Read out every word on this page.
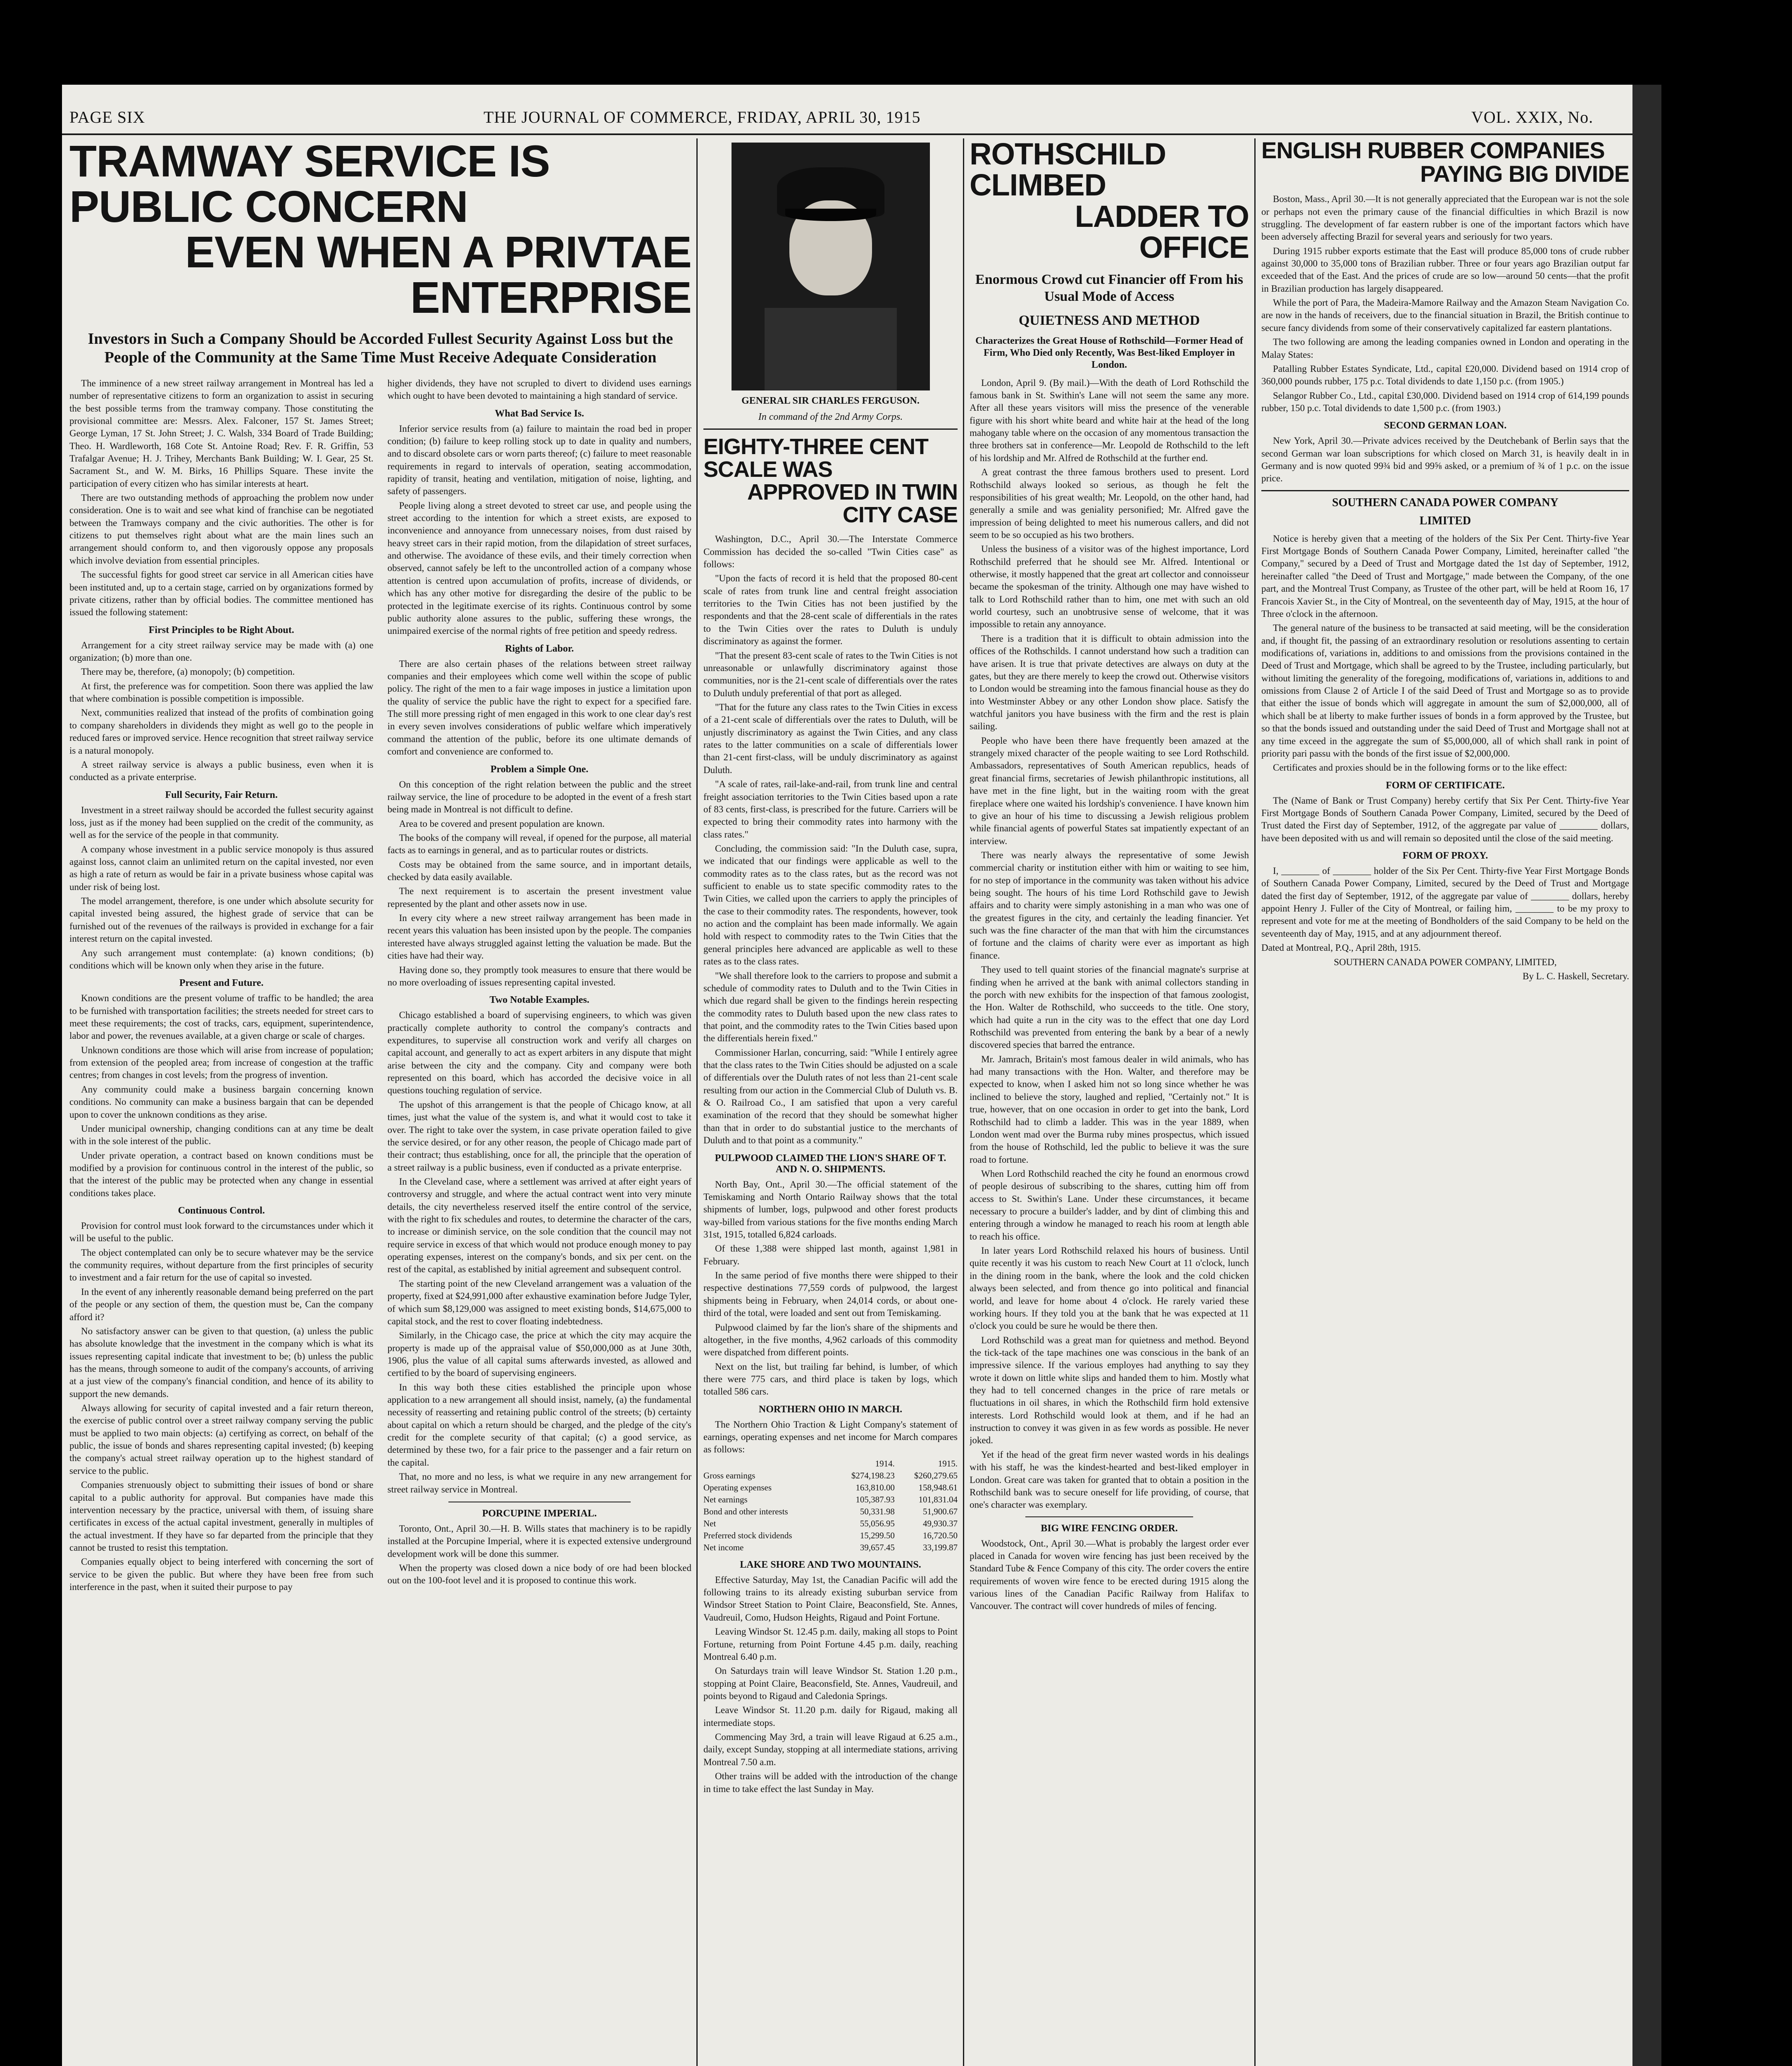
PAGE SIX	THE JOURNAL OF COMMERCE, FRIDAY, APRIL 30, 1915	VOL. XXIX, No.
TRAMWAY SERVICE IS PUBLIC CONCERN
EVEN WHEN A PRIVTAE ENTERPRISE

Investors in Such a Company Should be Accorded Fullest Security Against Loss but the People of the Community at the Same Time Must Receive Adequate Consideration

The imminence of a new street railway arrangement in Montreal has led a number of representative citizens to form an organization to assist in securing the best possible terms from the tramway company. Those constituting the provisional committee are: Messrs. Alex. Falconer, 157 St. James Street; George Lyman, 17 St. John Street; J. C. Walsh, 334 Board of Trade Building; Theo. H. Wardleworth, 168 Cote St. Antoine Road; Rev. F. R. Griffin, 53 Trafalgar Avenue; H. J. Trihey, Merchants Bank Building; W. I. Gear, 25 St. Sacrament St., and W. M. Birks, 16 Phillips Square. These invite the participation of every citizen who has similar interests at heart.

There are two outstanding methods of approaching the problem now under consideration. One is to wait and see what kind of franchise can be negotiated between the Tramways company and the civic authorities. The other is for citizens to put themselves right about what are the main lines such an arrangement should conform to, and then vigorously oppose any proposals which involve deviation from essential principles.

The successful fights for good street car service in all American cities have been instituted and, up to a certain stage, carried on by organizations formed by private citizens, rather than by official bodies. The committee mentioned has issued the following statement:

First Principles to be Right About.

Arrangement for a city street railway service may be made with (a) one organization; (b) more than one.

There may be, therefore, (a) monopoly; (b) competition.

At first, the preference was for competition. Soon there was applied the law that where combination is possible competition is impossible.

Next, communities realized that instead of the profits of combination going to company shareholders in dividends they might as well go to the people in reduced fares or improved service. Hence recognition that street railway service is a natural monopoly.

A street railway service is always a public business, even when it is conducted as a private enterprise.

Full Security, Fair Return.

Investment in a street railway should be accorded the fullest security against loss, just as if the money had been supplied on the credit of the community, as well as for the service of the people in that community.

A company whose investment in a public service monopoly is thus assured against loss, cannot claim an unlimited return on the capital invested, nor even as high a rate of return as would be fair in a private business whose capital was under risk of being lost.

The model arrangement, therefore, is one under which absolute security for capital invested being assured, the highest grade of service that can be furnished out of the revenues of the railways is provided in exchange for a fair interest return on the capital invested.

Any such arrangement must contemplate: (a) known conditions; (b) conditions which will be known only when they arise in the future.

Present and Future.

Known conditions are the present volume of traffic to be handled; the area to be furnished with transportation facilities; the streets needed for street cars to meet these requirements; the cost of tracks, cars, equipment, superintendence, labor and power, the revenues available, at a given charge or scale of charges.

Unknown conditions are those which will arise from increase of population; from extension of the peopled area; from increase of congestion at the traffic centres; from changes in cost levels; from the progress of invention.

Any community could make a business bargain concerning known conditions. No community can make a business bargain that can be depended upon to cover the unknown conditions as they arise.

Under municipal ownership, changing conditions can at any time be dealt with in the sole interest of the public.

Under private operation, a contract based on known conditions must be modified by a provision for continuous control in the interest of the public, so that the interest of the public may be protected when any change in essential conditions takes place.

Continuous Control.

Provision for control must look forward to the circumstances under which it will be useful to the public.

The object contemplated can only be to secure whatever may be the service the community requires, without departure from the first principles of security to investment and a fair return for the use of capital so invested.

In the event of any inherently reasonable demand being preferred on the part of the people or any section of them, the question must be, Can the company afford it?

No satisfactory answer can be given to that question, (a) unless the public has absolute knowledge that the investment in the company which is what its issues representing capital indicate that investment to be; (b) unless the public has the means, through someone to audit of the company's accounts, of arriving at a just view of the company's financial condition, and hence of its ability to support the new demands.

Always allowing for security of capital invested and a fair return thereon, the exercise of public control over a street railway company serving the public must be applied to two main objects: (a) certifying as correct, on behalf of the public, the issue of bonds and shares representing capital invested; (b) keeping the company's actual street railway operation up to the highest standard of service to the public.

Companies strenuously object to submitting their issues of bond or share capital to a public authority for approval. But companies have made this intervention necessary by the practice, universal with them, of issuing share certificates in excess of the actual capital investment, generally in multiples of the actual investment. If they have so far departed from the principle that they cannot be trusted to resist this temptation.

Companies equally object to being interfered with concerning the sort of service to be given the public. But where they have been free from such interference in the past, when it suited their purpose to pay

higher dividends, they have not scrupled to divert to dividend uses earnings which ought to have been devoted to maintaining a high standard of service.

What Bad Service Is.

Inferior service results from (a) failure to maintain the road bed in proper condition; (b) failure to keep rolling stock up to date in quality and numbers, and to discard obsolete cars or worn parts thereof; (c) failure to meet reasonable requirements in regard to intervals of operation, seating accommodation, rapidity of transit, heating and ventilation, mitigation of noise, lighting, and safety of passengers.

People living along a street devoted to street car use, and people using the street according to the intention for which a street exists, are exposed to inconvenience and annoyance from unnecessary noises, from dust raised by heavy street cars in their rapid motion, from the dilapidation of street surfaces, and otherwise. The avoidance of these evils, and their timely correction when observed, cannot safely be left to the uncontrolled action of a company whose attention is centred upon accumulation of profits, increase of dividends, or which has any other motive for disregarding the desire of the public to be protected in the legitimate exercise of its rights. Continuous control by some public authority alone assures to the public, suffering these wrongs, the unimpaired exercise of the normal rights of free petition and speedy redress.

Rights of Labor.

There are also certain phases of the relations between street railway companies and their employees which come well within the scope of public policy. The right of the men to a fair wage imposes in justice a limitation upon the quality of service the public have the right to expect for a specified fare. The still more pressing right of men engaged in this work to one clear day's rest in every seven involves considerations of public welfare which imperatively command the attention of the public, before its one ultimate demands of comfort and convenience are conformed to.

Problem a Simple One.

On this conception of the right relation between the public and the street railway service, the line of procedure to be adopted in the event of a fresh start being made in Montreal is not difficult to define.

Area to be covered and present population are known.

The books of the company will reveal, if opened for the purpose, all material facts as to earnings in general, and as to particular routes or districts.

Costs may be obtained from the same source, and in important details, checked by data easily available.

The next requirement is to ascertain the present investment value represented by the plant and other assets now in use.

In every city where a new street railway arrangement has been made in recent years this valuation has been insisted upon by the people. The companies interested have always struggled against letting the valuation be made. But the cities have had their way.

Having done so, they promptly took measures to ensure that there would be no more overloading of issues representing capital invested.

Two Notable Examples.

Chicago established a board of supervising engineers, to which was given practically complete authority to control the company's contracts and expenditures, to supervise all construction work and verify all charges on capital account, and generally to act as expert arbiters in any dispute that might arise between the city and the company. City and company were both represented on this board, which has accorded the decisive voice in all questions touching regulation of service.

The upshot of this arrangement is that the people of Chicago know, at all times, just what the value of the system is, and what it would cost to take it over. The right to take over the system, in case private operation failed to give the service desired, or for any other reason, the people of Chicago made part of their contract; thus establishing, once for all, the principle that the operation of a street railway is a public business, even if conducted as a private enterprise.

In the Cleveland case, where a settlement was arrived at after eight years of controversy and struggle, and where the actual contract went into very minute details, the city nevertheless reserved itself the entire control of the service, with the right to fix schedules and routes, to determine the character of the cars, to increase or diminish service, on the sole condition that the council may not require service in excess of that which would not produce enough money to pay operating expenses, interest on the company's bonds, and six per cent. on the rest of the capital, as established by initial agreement and subsequent control.

The starting point of the new Cleveland arrangement was a valuation of the property, fixed at $24,991,000 after exhaustive examination before Judge Tyler, of which sum $8,129,000 was assigned to meet existing bonds, $14,675,000 to capital stock, and the rest to cover floating indebtedness.

Similarly, in the Chicago case, the price at which the city may acquire the property is made up of the appraisal value of $50,000,000 as at June 30th, 1906, plus the value of all capital sums afterwards invested, as allowed and certified to by the board of supervising engineers.

In this way both these cities established the principle upon whose application to a new arrangement all should insist, namely, (a) the fundamental necessity of reasserting and retaining public control of the streets; (b) certainty about capital on which a return should be charged, and the pledge of the city's credit for the complete security of that capital; (c) a good service, as determined by these two, for a fair price to the passenger and a fair return on the capital.

That, no more and no less, is what we require in any new arrangement for street railway service in Montreal.

PORCUPINE IMPERIAL.

Toronto, Ont., April 30.—H. B. Wills states that machinery is to be rapidly installed at the Porcupine Imperial, where it is expected extensive underground development work will be done this summer.

When the property was closed down a nice body of ore had been blocked out on the 100-foot level and it is proposed to continue this work.

GENERAL SIR CHARLES FERGUSON.
In command of the 2nd Army Corps.
EIGHTY-THREE CENT SCALE WAS
APPROVED IN TWIN CITY CASE

Washington, D.C., April 30.—The Interstate Commerce Commission has decided the so-called "Twin Cities case" as follows:

"Upon the facts of record it is held that the proposed 80-cent scale of rates from trunk line and central freight association territories to the Twin Cities has not been justified by the respondents and that the 28-cent scale of differentials in the rates to the Twin Cities over the rates to Duluth is unduly discriminatory as against the former.

"That the present 83-cent scale of rates to the Twin Cities is not unreasonable or unlawfully discriminatory against those communities, nor is the 21-cent scale of differentials over the rates to Duluth unduly preferential of that port as alleged.

"That for the future any class rates to the Twin Cities in excess of a 21-cent scale of differentials over the rates to Duluth, will be unjustly discriminatory as against the Twin Cities, and any class rates to the latter communities on a scale of differentials lower than 21-cent first-class, will be unduly discriminatory as against Duluth.

"A scale of rates, rail-lake-and-rail, from trunk line and central freight association territories to the Twin Cities based upon a rate of 83 cents, first-class, is prescribed for the future. Carriers will be expected to bring their commodity rates into harmony with the class rates."

Concluding, the commission said: "In the Duluth case, supra, we indicated that our findings were applicable as well to the commodity rates as to the class rates, but as the record was not sufficient to enable us to state specific commodity rates to the Twin Cities, we called upon the carriers to apply the principles of the case to their commodity rates. The respondents, however, took no action and the complaint has been made informally. We again hold with respect to commodity rates to the Twin Cities that the general principles here advanced are applicable as well to these rates as to the class rates.

"We shall therefore look to the carriers to propose and submit a schedule of commodity rates to Duluth and to the Twin Cities in which due regard shall be given to the findings herein respecting the commodity rates to Duluth based upon the new class rates to that point, and the commodity rates to the Twin Cities based upon the differentials herein fixed."

Commissioner Harlan, concurring, said: "While I entirely agree that the class rates to the Twin Cities should be adjusted on a scale of differentials over the Duluth rates of not less than 21-cent scale resulting from our action in the Commercial Club of Duluth vs. B. & O. Railroad Co., I am satisfied that upon a very careful examination of the record that they should be somewhat higher than that in order to do substantial justice to the merchants of Duluth and to that point as a community."

PULPWOOD CLAIMED THE LION'S SHARE OF T. AND N. O. SHIPMENTS.

North Bay, Ont., April 30.—The official statement of the Temiskaming and North Ontario Railway shows that the total shipments of lumber, logs, pulpwood and other forest products way-billed from various stations for the five months ending March 31st, 1915, totalled 6,824 carloads.

Of these 1,388 were shipped last month, against 1,981 in February.

In the same period of five months there were shipped to their respective destinations 77,559 cords of pulpwood, the largest shipments being in February, when 24,014 cords, or about one-third of the total, were loaded and sent out from Temiskaming.

Pulpwood claimed by far the lion's share of the shipments and altogether, in the five months, 4,962 carloads of this commodity were dispatched from different points.

Next on the list, but trailing far behind, is lumber, of which there were 775 cars, and third place is taken by logs, which totalled 586 cars.

NORTHERN OHIO IN MARCH.

The Northern Ohio Traction & Light Company's statement of earnings, operating expenses and net income for March compares as follows:

	1914.	1915.
Gross earnings	$274,198.23	$260,279.65
Operating expenses	163,810.00	158,948.61
Net earnings	105,387.93	101,831.04
Bond and other interests	50,331.98	51,900.67
Net	55,056.95	49,930.37
Preferred stock dividends	15,299.50	16,720.50
Net income	39,657.45	33,199.87
LAKE SHORE AND TWO MOUNTAINS.

Effective Saturday, May 1st, the Canadian Pacific will add the following trains to its already existing suburban service from Windsor Street Station to Point Claire, Beaconsfield, Ste. Annes, Vaudreuil, Como, Hudson Heights, Rigaud and Point Fortune.

Leaving Windsor St. 12.45 p.m. daily, making all stops to Point Fortune, returning from Point Fortune 4.45 p.m. daily, reaching Montreal 6.40 p.m.

On Saturdays train will leave Windsor St. Station 1.20 p.m., stopping at Point Claire, Beaconsfield, Ste. Annes, Vaudreuil, and points beyond to Rigaud and Caledonia Springs.

Leave Windsor St. 11.20 p.m. daily for Rigaud, making all intermediate stops.

Commencing May 3rd, a train will leave Rigaud at 6.25 a.m., daily, except Sunday, stopping at all intermediate stations, arriving Montreal 7.50 a.m.

Other trains will be added with the introduction of the change in time to take effect the last Sunday in May.

ROTHSCHILD CLIMBED
LADDER TO OFFICE

Enormous Crowd cut Financier off From his Usual Mode of Access

QUIETNESS AND METHOD

Characterizes the Great House of Rothschild—Former Head of Firm, Who Died only Recently, Was Best-liked Employer in London.

London, April 9. (By mail.)—With the death of Lord Rothschild the famous bank in St. Swithin's Lane will not seem the same any more. After all these years visitors will miss the presence of the venerable figure with his short white beard and white hair at the head of the long mahogany table where on the occasion of any momentous transaction the three brothers sat in conference—Mr. Leopold de Rothschild to the left of his lordship and Mr. Alfred de Rothschild at the further end.

A great contrast the three famous brothers used to present. Lord Rothschild always looked so serious, as though he felt the responsibilities of his great wealth; Mr. Leopold, on the other hand, had generally a smile and was geniality personified; Mr. Alfred gave the impression of being delighted to meet his numerous callers, and did not seem to be so occupied as his two brothers.

Unless the business of a visitor was of the highest importance, Lord Rothschild preferred that he should see Mr. Alfred. Intentional or otherwise, it mostly happened that the great art collector and connoisseur became the spokesman of the trinity. Although one may have wished to talk to Lord Rothschild rather than to him, one met with such an old world courtesy, such an unobtrusive sense of welcome, that it was impossible to retain any annoyance.

There is a tradition that it is difficult to obtain admission into the offices of the Rothschilds. I cannot understand how such a tradition can have arisen. It is true that private detectives are always on duty at the gates, but they are there merely to keep the crowd out. Otherwise visitors to London would be streaming into the famous financial house as they do into Westminster Abbey or any other London show place. Satisfy the watchful janitors you have business with the firm and the rest is plain sailing.

People who have been there have frequently been amazed at the strangely mixed character of the people waiting to see Lord Rothschild. Ambassadors, representatives of South American republics, heads of great financial firms, secretaries of Jewish philanthropic institutions, all have met in the fine light, but in the waiting room with the great fireplace where one waited his lordship's convenience. I have known him to give an hour of his time to discussing a Jewish religious problem while financial agents of powerful States sat impatiently expectant of an interview.

There was nearly always the representative of some Jewish commercial charity or institution either with him or waiting to see him, for no step of importance in the community was taken without his advice being sought. The hours of his time Lord Rothschild gave to Jewish affairs and to charity were simply astonishing in a man who was one of the greatest figures in the city, and certainly the leading financier. Yet such was the fine character of the man that with him the circumstances of fortune and the claims of charity were ever as important as high finance.

They used to tell quaint stories of the financial magnate's surprise at finding when he arrived at the bank with animal collectors standing in the porch with new exhibits for the inspection of that famous zoologist, the Hon. Walter de Rothschild, who succeeds to the title. One story, which had quite a run in the city was to the effect that one day Lord Rothschild was prevented from entering the bank by a bear of a newly discovered species that barred the entrance.

Mr. Jamrach, Britain's most famous dealer in wild animals, who has had many transactions with the Hon. Walter, and therefore may be expected to know, when I asked him not so long since whether he was inclined to believe the story, laughed and replied, "Certainly not." It is true, however, that on one occasion in order to get into the bank, Lord Rothschild had to climb a ladder. This was in the year 1889, when London went mad over the Burma ruby mines prospectus, which issued from the house of Rothschild, led the public to believe it was the sure road to fortune.

When Lord Rothschild reached the city he found an enormous crowd of people desirous of subscribing to the shares, cutting him off from access to St. Swithin's Lane. Under these circumstances, it became necessary to procure a builder's ladder, and by dint of climbing this and entering through a window he managed to reach his room at length able to reach his office.

In later years Lord Rothschild relaxed his hours of business. Until quite recently it was his custom to reach New Court at 11 o'clock, lunch in the dining room in the bank, where the look and the cold chicken always been selected, and from thence go into political and financial world, and leave for home about 4 o'clock. He rarely varied these working hours. If they told you at the bank that he was expected at 11 o'clock you could be sure he would be there then.

Lord Rothschild was a great man for quietness and method. Beyond the tick-tack of the tape machines one was conscious in the bank of an impressive silence. If the various employes had anything to say they wrote it down on little white slips and handed them to him. Mostly what they had to tell concerned changes in the price of rare metals or fluctuations in oil shares, in which the Rothschild firm hold extensive interests. Lord Rothschild would look at them, and if he had an instruction to convey it was given in as few words as possible. He never joked.

Yet if the head of the great firm never wasted words in his dealings with his staff, he was the kindest-hearted and best-liked employer in London. Great care was taken for granted that to obtain a position in the Rothschild bank was to secure oneself for life providing, of course, that one's character was exemplary.

BIG WIRE FENCING ORDER.

Woodstock, Ont., April 30.—What is probably the largest order ever placed in Canada for woven wire fencing has just been received by the Standard Tube & Fence Company of this city. The order covers the entire requirements of woven wire fence to be erected during 1915 along the various lines of the Canadian Pacific Railway from Halifax to Vancouver. The contract will cover hundreds of miles of fencing.

ENGLISH RUBBER COMPANIES
PAYING BIG DIVIDE

Boston, Mass., April 30.—It is not generally appreciated that the European war is not the sole or perhaps not even the primary cause of the financial difficulties in which Brazil is now struggling. The development of far eastern rubber is one of the important factors which have been adversely affecting Brazil for several years and seriously for two years.

During 1915 rubber exports estimate that the East will produce 85,000 tons of crude rubber against 30,000 to 35,000 tons of Brazilian rubber. Three or four years ago Brazilian output far exceeded that of the East. And the prices of crude are so low—around 50 cents—that the profit in Brazilian production has largely disappeared.

While the port of Para, the Madeira-Mamore Railway and the Amazon Steam Navigation Co. are now in the hands of receivers, due to the financial situation in Brazil, the British continue to secure fancy dividends from some of their conservatively capitalized far eastern plantations.

The two following are among the leading companies owned in London and operating in the Malay States:

Patalling Rubber Estates Syndicate, Ltd., capital £20,000. Dividend based on 1914 crop of 360,000 pounds rubber, 175 p.c. Total dividends to date 1,150 p.c. (from 1905.)

Selangor Rubber Co., Ltd., capital £30,000. Dividend based on 1914 crop of 614,199 pounds rubber, 150 p.c. Total dividends to date 1,500 p.c. (from 1903.)

SECOND GERMAN LOAN.

New York, April 30.—Private advices received by the Deutchebank of Berlin says that the second German war loan subscriptions for which closed on March 31, is heavily dealt in in Germany and is now quoted 99¾ bid and 99⅝ asked, or a premium of ¾ of 1 p.c. on the issue price.

SOUTHERN CANADA POWER COMPANY
LIMITED

Notice is hereby given that a meeting of the holders of the Six Per Cent. Thirty-five Year First Mortgage Bonds of Southern Canada Power Company, Limited, hereinafter called "the Company," secured by a Deed of Trust and Mortgage dated the 1st day of September, 1912, hereinafter called "the Deed of Trust and Mortgage," made between the Company, of the one part, and the Montreal Trust Company, as Trustee of the other part, will be held at Room 16, 17 Francois Xavier St., in the City of Montreal, on the seventeenth day of May, 1915, at the hour of Three o'clock in the afternoon.

The general nature of the business to be transacted at said meeting, will be the consideration and, if thought fit, the passing of an extraordinary resolution or resolutions assenting to certain modifications of, variations in, additions to and omissions from the provisions contained in the Deed of Trust and Mortgage, which shall be agreed to by the Trustee, including particularly, but without limiting the generality of the foregoing, modifications of, variations in, additions to and omissions from Clause 2 of Article I of the said Deed of Trust and Mortgage so as to provide that either the issue of bonds which will aggregate in amount the sum of $2,000,000, all of which shall be at liberty to make further issues of bonds in a form approved by the Trustee, but so that the bonds issued and outstanding under the said Deed of Trust and Mortgage shall not at any time exceed in the aggregate the sum of $5,000,000, all of which shall rank in point of priority pari passu with the bonds of the first issue of $2,000,000.

Certificates and proxies should be in the following forms or to the like effect:

FORM OF CERTIFICATE.

The (Name of Bank or Trust Company) hereby certify that Six Per Cent. Thirty-five Year First Mortgage Bonds of Southern Canada Power Company, Limited, secured by the Deed of Trust dated the First day of September, 1912, of the aggregate par value of ________ dollars, have been deposited with us and will remain so deposited until the close of the said meeting.

FORM OF PROXY.

I, ________ of ________ holder of the Six Per Cent. Thirty-five Year First Mortgage Bonds of Southern Canada Power Company, Limited, secured by the Deed of Trust and Mortgage dated the first day of September, 1912, of the aggregate par value of ________ dollars, hereby appoint Henry J. Fuller of the City of Montreal, or failing him, ________ to be my proxy to represent and vote for me at the meeting of Bondholders of the said Company to be held on the seventeenth day of May, 1915, and at any adjournment thereof.

Dated at Montreal, P.Q., April 28th, 1915.

SOUTHERN CANADA POWER COMPANY, LIMITED,

By L. C. Haskell, Secretary.
